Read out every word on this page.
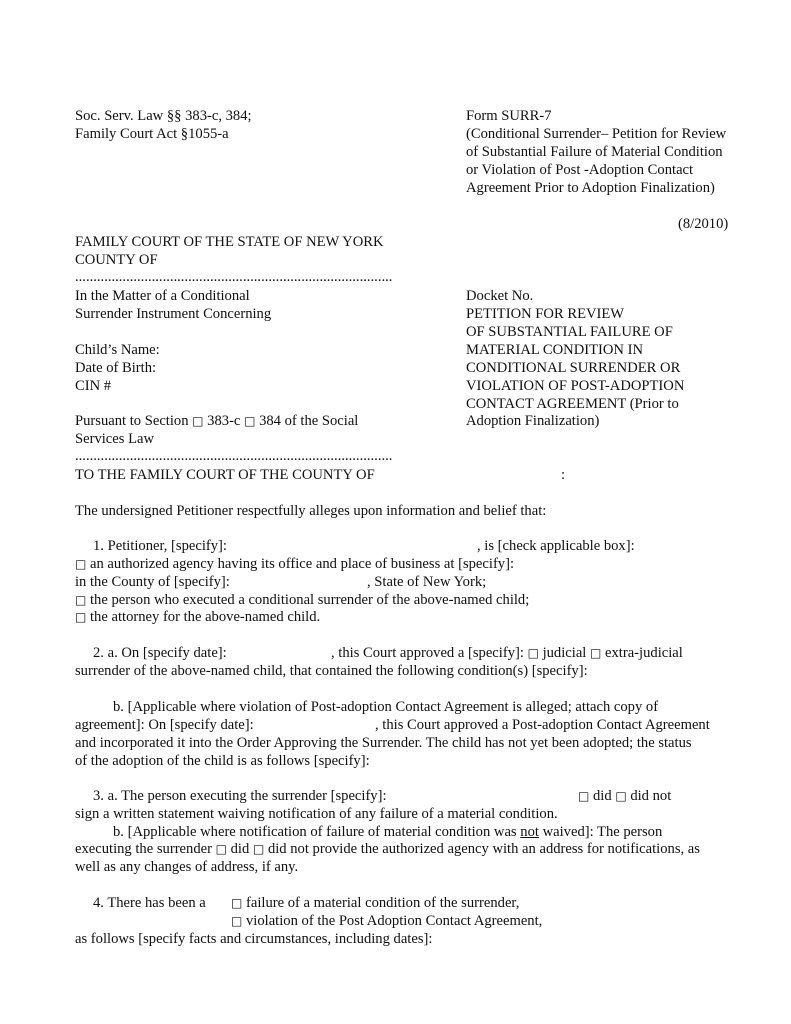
Soc. Serv. Law §§ 383-c, 384;

Family Court Act §1055-a

Form SURR-7

(Conditional Surrender– Petition for Review

of Substantial Failure of Material Condition

or Violation of Post -Adoption Contact

Agreement Prior to Adoption Finalization)

(8/2010)

FAMILY COURT OF THE STATE OF NEW YORK

COUNTY OF

.......................................................................................

In the Matter of a Conditional

Surrender Instrument Concerning

Child’s Name:

Date of Birth:

CIN #

Pursuant to Section □ 383-c □ 384 of the Social

Services Law

.......................................................................................

Docket No.

PETITION FOR REVIEW

OF SUBSTANTIAL FAILURE OF

MATERIAL CONDITION IN

CONDITIONAL SURRENDER OR

VIOLATION OF POST-ADOPTION

CONTACT AGREEMENT (Prior to

Adoption Finalization)

TO THE FAMILY COURT OF THE COUNTY OF	:

The undersigned Petitioner respectfully alleges upon information and belief that:

1. Petitioner, [specify]:	, is [check applicable box]:

□ an authorized agency having its office and place of business at [specify]:

in the County of [specify]:	, State of New York;

□ the person who executed a conditional surrender of the above-named child;

□ the attorney for the above-named child.

2. a. On [specify date]:	, this Court approved a [specify]: □ judicial □ extra-judicial

surrender of the above-named child, that contained the following condition(s) [specify]:

b. [Applicable where violation of Post-adoption Contact Agreement is alleged; attach copy of

agreement]: On [specify date]:	, this Court approved a Post-adoption Contact Agreement

and incorporated it into the Order Approving the Surrender. The child has not yet been adopted; the status

of the adoption of the child is as follows [specify]:

3. a. The person executing the surrender [specify]:	□ did □ did not

sign a written statement waiving notification of any failure of a material condition.

b. [Applicable where notification of failure of material condition was not waived]: The person

executing the surrender □ did □ did not provide the authorized agency with an address for notifications, as

well as any changes of address, if any.

4. There has been a □ failure of a material condition of the surrender,

□ violation of the Post Adoption Contact Agreement,

as follows [specify facts and circumstances, including dates]:
